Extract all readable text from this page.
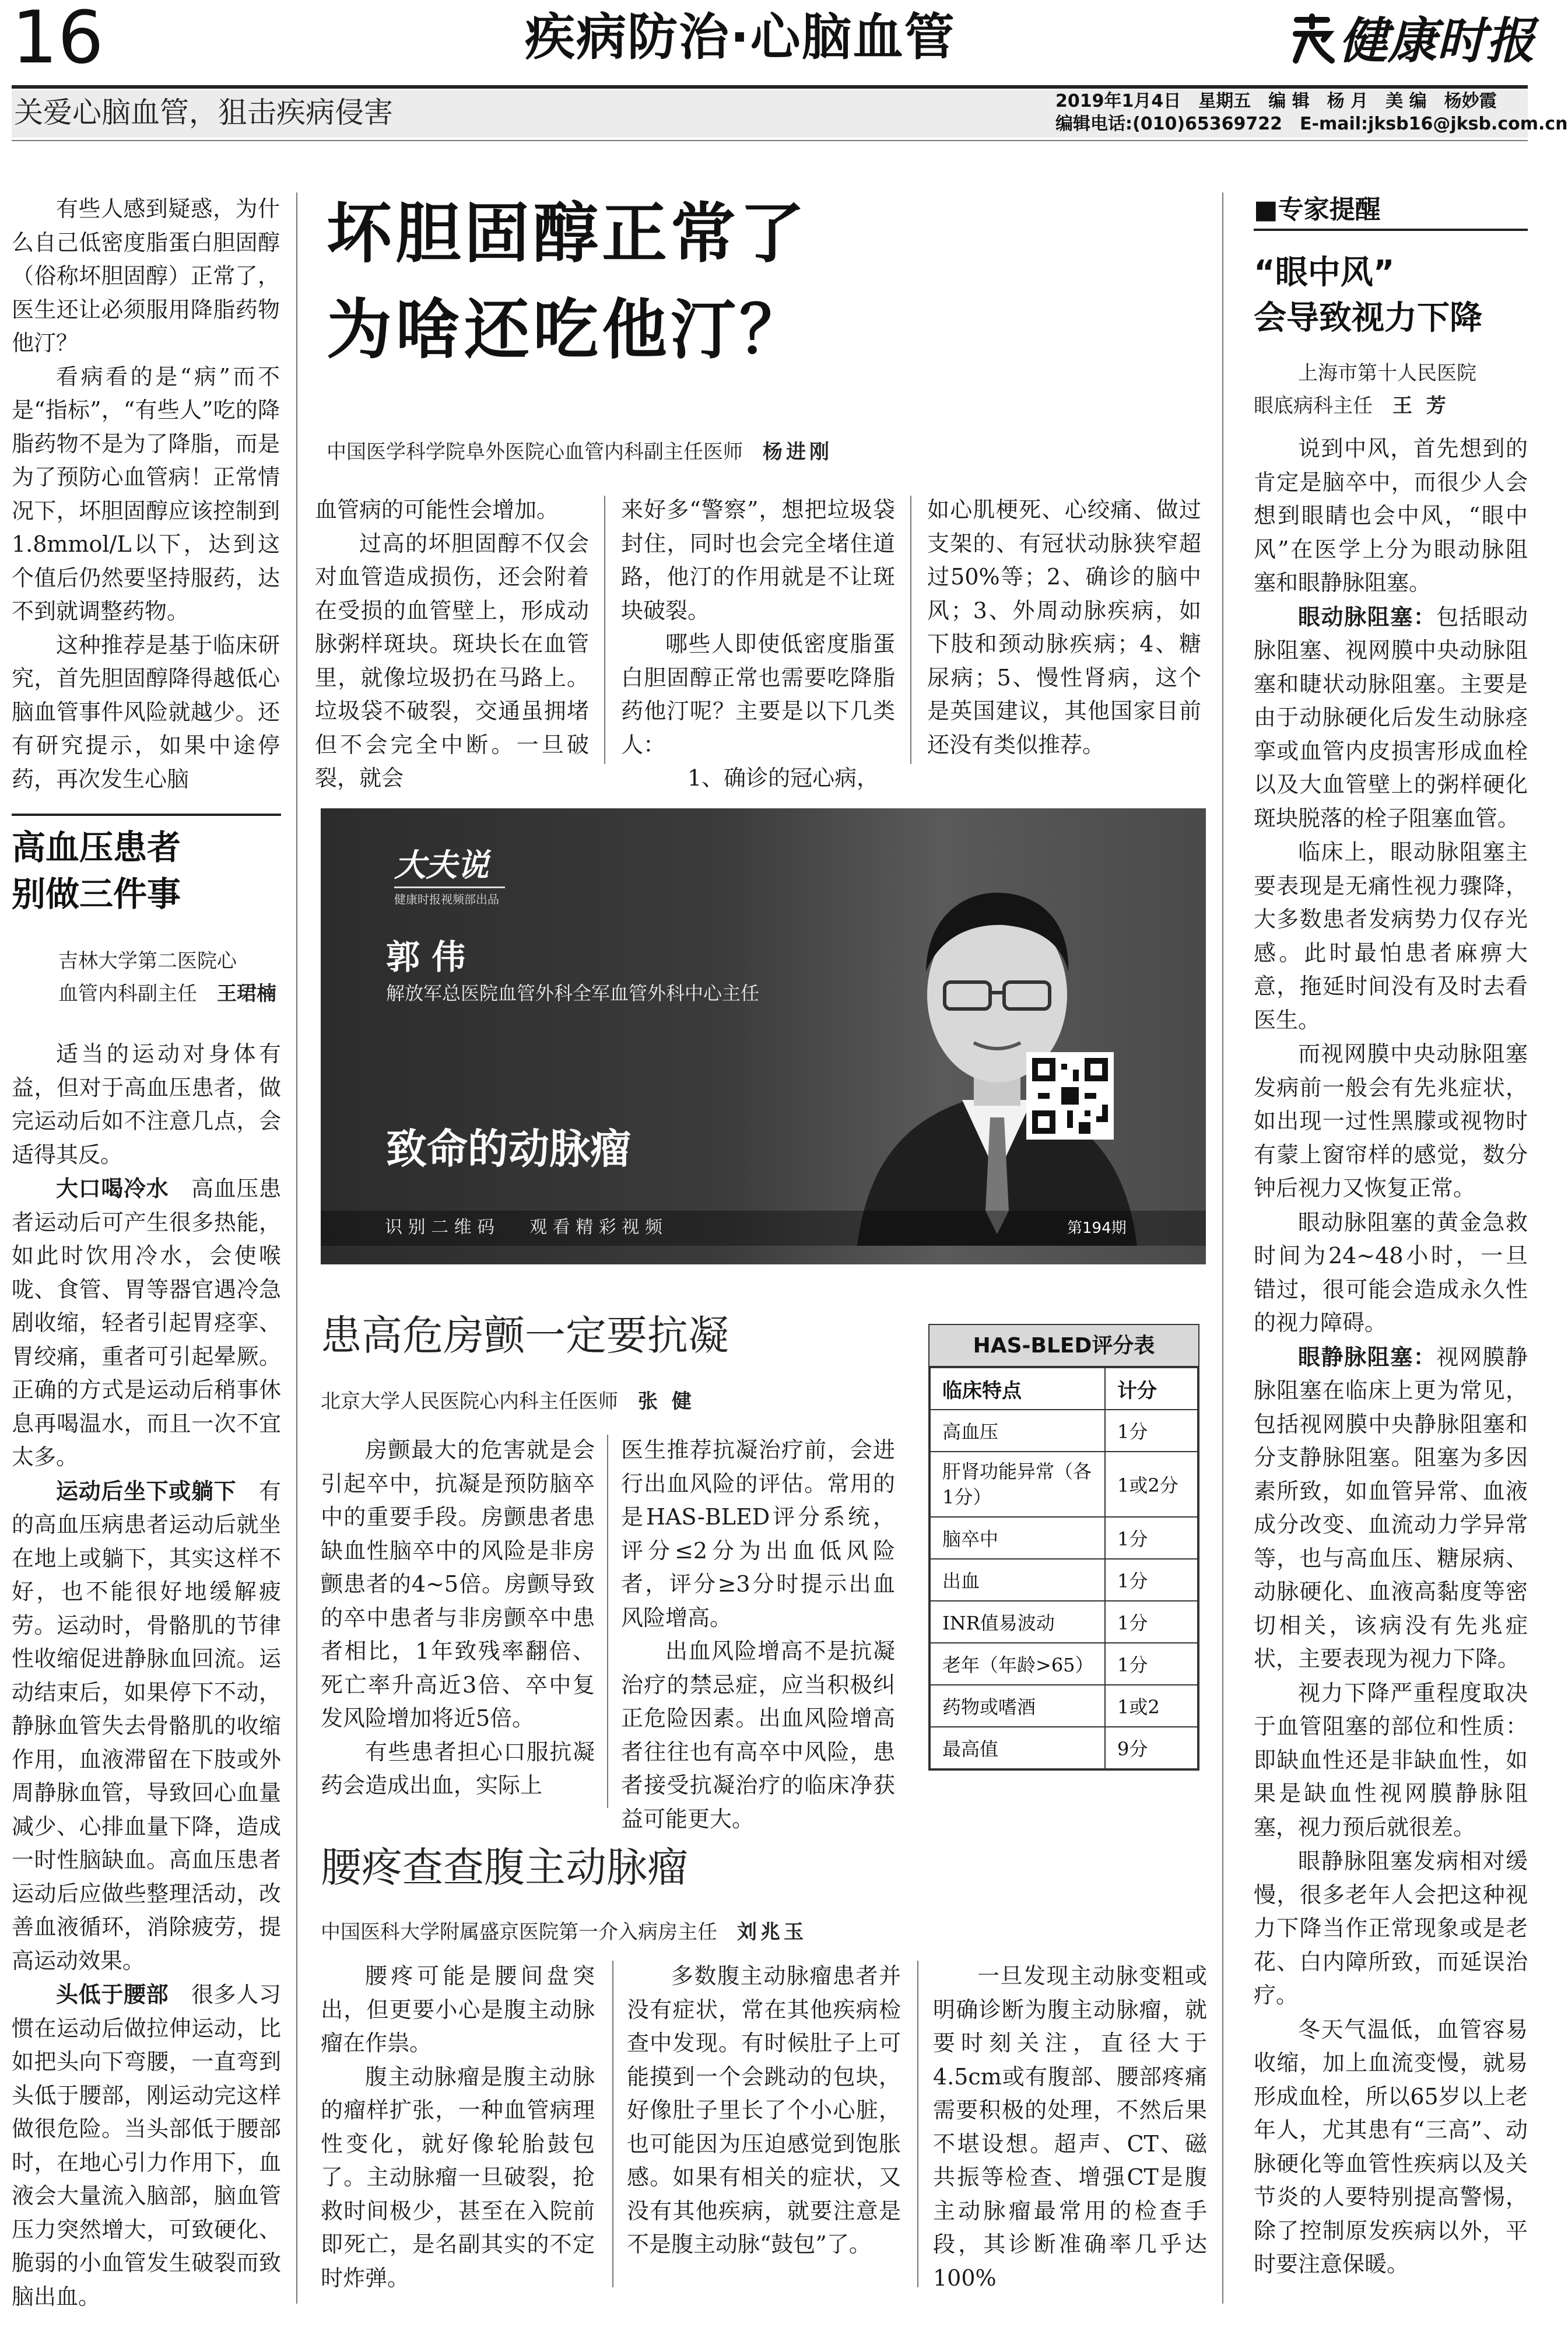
16	疾病防治·心脑血管	健康时报
关爱心脑血管，狙击疾病侵害	2019年1月4日　星期五　编 辑　杨 月　美 编　杨妙霞
编辑电话:(010)65369722　E-mail:jksb16@jksb.com.cn
坏胆固醇正常了
为啥还吃他汀？
中国医学科学院阜外医院心血管内科副主任医师 杨进刚

有些人感到疑惑，为什么自己低密度脂蛋白胆固醇（俗称坏胆固醇）正常了，医生还让必须服用降脂药物他汀？

看病看的是“病”而不是“指标”，“有些人”吃的降脂药物不是为了降脂，而是为了预防心血管病！正常情况下，坏胆固醇应该控制到1.8mmol/L以下，达到这个值后仍然要坚持服药，达不到就调整药物。

这种推荐是基于临床研究，首先胆固醇降得越低心脑血管事件风险就越少。还有研究提示，如果中途停药，再次发生心脑

血管病的可能性会增加。

过高的坏胆固醇不仅会对血管造成损伤，还会附着在受损的血管壁上，形成动脉粥样斑块。斑块长在血管里，就像垃圾扔在马路上。垃圾袋不破裂，交通虽拥堵但不会完全中断。一旦破裂，就会

来好多“警察”，想把垃圾袋封住，同时也会完全堵住道路，他汀的作用就是不让斑块破裂。

哪些人即使低密度脂蛋白胆固醇正常也需要吃降脂药他汀呢？主要是以下几类人：

1、确诊的冠心病，

如心肌梗死、心绞痛、做过支架的、有冠状动脉狭窄超过50%等；2、确诊的脑中风；3、外周动脉疾病，如下肢和颈动脉疾病；4、糖尿病；5、慢性肾病，这个是英国建议，其他国家目前还没有类似推荐。

大夫说
健康时报视频部出品
郭 伟
解放军总医院血管外科全军血管外科中心主任
致命的动脉瘤
识 别 二 维 码　　观 看 精 彩 视 频	第194期
高血压患者
别做三件事
吉林大学第二医院心
血管内科副主任 王珺楠

适当的运动对身体有益，但对于高血压患者，做完运动后如不注意几点，会适得其反。

大口喝冷水　 高血压患者运动后可产生很多热能，如此时饮用冷水，会使喉咙、食管、胃等器官遇冷急剧收缩，轻者引起胃痉挛、胃绞痛，重者可引起晕厥。正确的方式是运动后稍事休息再喝温水，而且一次不宜太多。

运动后坐下或躺下　 有的高血压病患者运动后就坐在地上或躺下，其实这样不好，也不能很好地缓解疲劳。运动时，骨骼肌的节律性收缩促进静脉血回流。运动结束后，如果停下不动，静脉血管失去骨骼肌的收缩作用，血液滞留在下肢或外周静脉血管，导致回心血量减少、心排血量下降，造成一时性脑缺血。高血压患者运动后应做些整理活动，改善血液循环，消除疲劳，提高运动效果。

头低于腰部　 很多人习惯在运动后做拉伸运动，比如把头向下弯腰，一直弯到头低于腰部，刚运动完这样做很危险。当头部低于腰部时，在地心引力作用下，血液会大量流入脑部，脑血管压力突然增大，可致硬化、脆弱的小血管发生破裂而致脑出血。

患高危房颤一定要抗凝
北京大学人民医院心内科主任医师 张 健

房颤最大的危害就是会引起卒中，抗凝是预防脑卒中的重要手段。房颤患者患缺血性脑卒中的风险是非房颤患者的4~5倍。房颤导致的卒中患者与非房颤卒中患者相比，1年致残率翻倍、死亡率升高近3倍、卒中复发风险增加将近5倍。

有些患者担心口服抗凝药会造成出血，实际上

医生推荐抗凝治疗前，会进行出血风险的评估。常用的是HAS-BLED评分系统，评分≤2分为出血低风险者，评分≥3分时提示出血风险增高。

出血风险增高不是抗凝治疗的禁忌症，应当积极纠正危险因素。出血风险增高者往往也有高卒中风险，患者接受抗凝治疗的临床净获益可能更大。

HAS-BLED评分表
临床特点	计分
高血压	1分
肝肾功能异常（各1分）	1或2分
脑卒中	1分
出血	1分
INR值易波动	1分
老年（年龄>65）	1分
药物或嗜酒	1或2
最高值	9分
腰疼查查腹主动脉瘤
中国医科大学附属盛京医院第一介入病房主任 刘兆玉

腰疼可能是腰间盘突出，但更要小心是腹主动脉瘤在作祟。

腹主动脉瘤是腹主动脉的瘤样扩张，一种血管病理性变化，就好像轮胎鼓包了。主动脉瘤一旦破裂，抢救时间极少，甚至在入院前即死亡，是名副其实的不定时炸弹。

多数腹主动脉瘤患者并没有症状，常在其他疾病检查中发现。有时候肚子上可能摸到一个会跳动的包块，好像肚子里长了个小心脏，也可能因为压迫感觉到饱胀感。如果有相关的症状，又没有其他疾病，就要注意是不是腹主动脉“鼓包”了。

一旦发现主动脉变粗或明确诊断为腹主动脉瘤，就要时刻关注，直径大于4.5cm或有腹部、腰部疼痛需要积极的处理，不然后果不堪设想。超声、CT、磁共振等检查、增强CT是腹主动脉瘤最常用的检查手段，其诊断准确率几乎达100%

■专家提醒
“眼中风”
会导致视力下降
上海市第十人民医院
眼底病科主任 王 芳

说到中风，首先想到的肯定是脑卒中，而很少人会想到眼睛也会中风，“眼中风”在医学上分为眼动脉阻塞和眼静脉阻塞。

眼动脉阻塞：包括眼动脉阻塞、视网膜中央动脉阻塞和睫状动脉阻塞。主要是由于动脉硬化后发生动脉痉挛或血管内皮损害形成血栓以及大血管壁上的粥样硬化斑块脱落的栓子阻塞血管。

临床上，眼动脉阻塞主要表现是无痛性视力骤降，大多数患者发病势力仅存光感。此时最怕患者麻痹大意，拖延时间没有及时去看医生。

而视网膜中央动脉阻塞发病前一般会有先兆症状，如出现一过性黑朦或视物时有蒙上窗帘样的感觉，数分钟后视力又恢复正常。

眼动脉阻塞的黄金急救时间为24~48小时，一旦错过，很可能会造成永久性的视力障碍。

眼静脉阻塞：视网膜静脉阻塞在临床上更为常见，包括视网膜中央静脉阻塞和分支静脉阻塞。阻塞为多因素所致，如血管异常、血液成分改变、血流动力学异常等，也与高血压、糖尿病、动脉硬化、血液高黏度等密切相关，该病没有先兆症状，主要表现为视力下降。

视力下降严重程度取决于血管阻塞的部位和性质：即缺血性还是非缺血性，如果是缺血性视网膜静脉阻塞，视力预后就很差。

眼静脉阻塞发病相对缓慢，很多老年人会把这种视力下降当作正常现象或是老花、白内障所致，而延误治疗。

冬天气温低，血管容易收缩，加上血流变慢，就易形成血栓，所以65岁以上老年人，尤其患有“三高”、动脉硬化等血管性疾病以及关节炎的人要特别提高警惕，除了控制原发疾病以外，平时要注意保暖。
